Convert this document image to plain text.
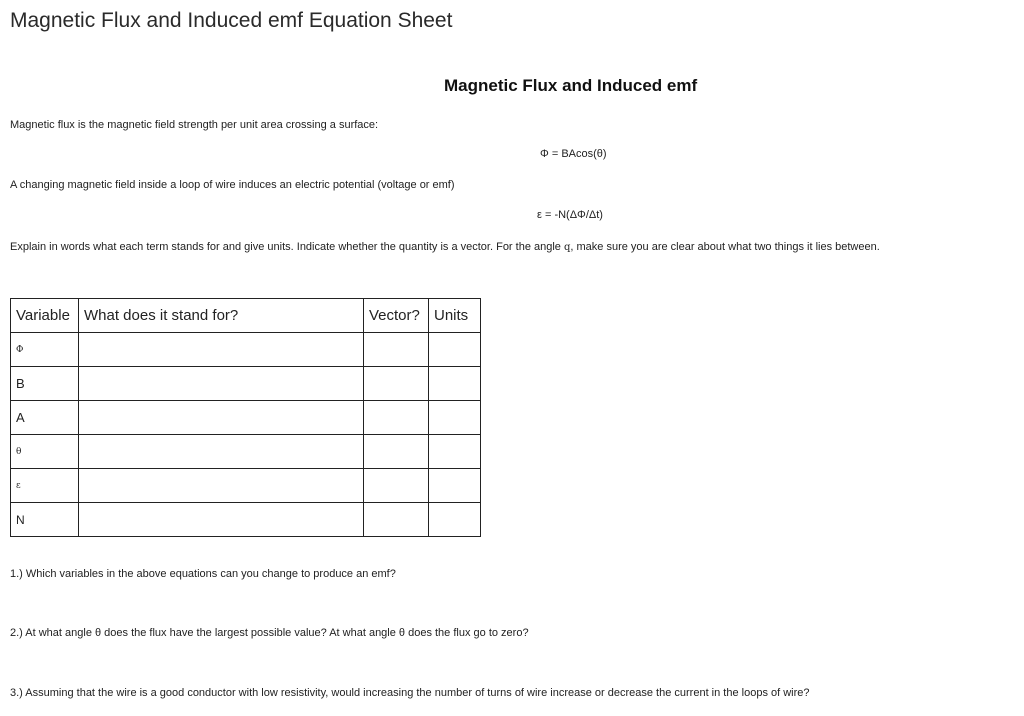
Magnetic Flux and Induced emf Equation Sheet
Magnetic Flux and Induced emf
Magnetic flux is the magnetic field strength per unit area crossing a surface:
Φ = BAcos(θ)
A changing magnetic field inside a loop of wire induces an electric potential (voltage or emf)
ε = -N(ΔΦ/Δt)
Explain in words what each term stands for and give units. Indicate whether the quantity is a vector. For the angle q, make sure you are clear about what two things it lies between.
Variable	What does it stand for?	Vector?	Units
Φ			
B			
A			
θ			
ε			
N			
1.) Which variables in the above equations can you change to produce an emf?
2.) At what angle θ does the flux have the largest possible value? At what angle θ does the flux go to zero?
3.) Assuming that the wire is a good conductor with low resistivity, would increasing the number of turns of wire increase or decrease the current in the loops of wire?
